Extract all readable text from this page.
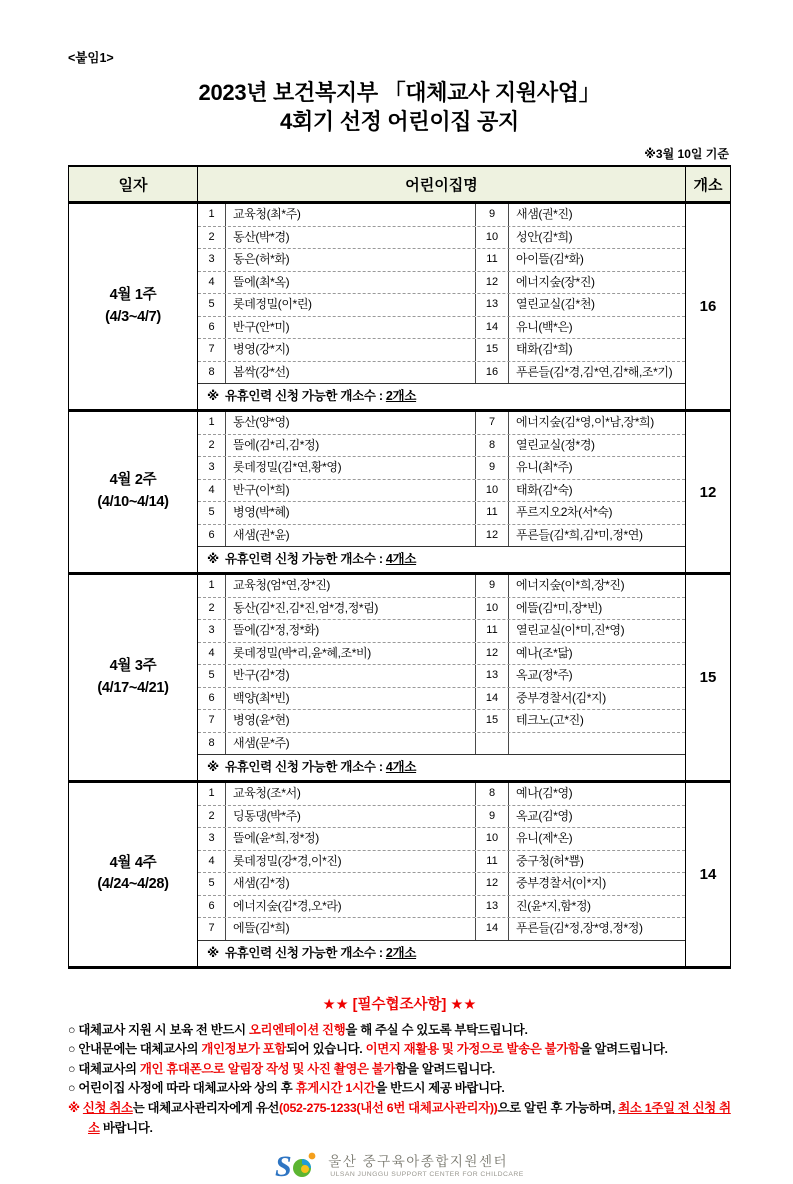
<붙임1>
2023년 보건복지부 「대체교사 지원사업」
4회기 선정 어린이집 공지
※3월 10일 기준
일자	어린이집명	개소
4월 1주
(4/3~4/7)
1	교육청(최*주)	9	새샘(권*진)
2	동산(박*경)	10	성안(김*희)
3	동은(허*화)	11	아이뜰(김*화)
4	뜰에(최*옥)	12	에너지숲(장*진)
5	롯데정밀(이*린)	13	열린교실(김*천)
6	반구(안*미)	14	유니(백*은)
7	병영(강*지)	15	태화(김*희)
8	봄싹(강*선)	16	푸른들(김*경,김*연,김*해,조*기)
※ 유휴인력 신청 가능한 개소수 : 2개소
16
4월 2주
(4/10~4/14)
1	동산(양*영)	7	에너지숲(김*영,이*남,장*희)
2	뜰에(김*리,김*정)	8	열린교실(정*경)
3	롯데정밀(김*연,황*영)	9	유니(최*주)
4	반구(이*희)	10	태화(김*숙)
5	병영(박*혜)	11	푸르지오2차(서*숙)
6	새샘(권*윤)	12	푸른들(김*희,김*미,정*연)
※ 유휴인력 신청 가능한 개소수 : 4개소
12
4월 3주
(4/17~4/21)
1	교육청(엄*연,장*진)	9	에너지숲(이*희,장*진)
2	동산(김*진,김*진,엄*경,정*림)	10	에뜰(김*미,장*빈)
3	뜰에(김*정,정*화)	11	열린교실(이*미,진*영)
4	롯데정밀(박*리,윤*혜,조*비)	12	예나(조*닮)
5	반구(김*경)	13	옥교(정*주)
6	백양(최*빈)	14	중부경찰서(김*지)
7	병영(윤*현)	15	테크노(고*진)
8	새샘(문*주)
※ 유휴인력 신청 가능한 개소수 : 4개소
15
4월 4주
(4/24~4/28)
1	교육청(조*서)	8	예나(김*영)
2	딩동댕(박*주)	9	옥교(김*영)
3	뜰에(윤*희,정*정)	10	유니(제*온)
4	롯데정밀(강*경,이*진)	11	중구청(허*쁨)
5	새샘(김*정)	12	중부경찰서(이*지)
6	에너지숲(김*경,오*라)	13	진(윤*지,함*정)
7	에뜰(김*희)	14	푸른들(김*정,장*영,정*정)
※ 유휴인력 신청 가능한 개소수 : 2개소
14
★★ [필수협조사항] ★★

○ 대체교사 지원 시 보육 전 반드시 오리엔테이션 진행을 해 주실 수 있도록 부탁드립니다.

○ 안내문에는 대체교사의 개인정보가 포함되어 있습니다. 이면지 재활용 및 가정으로 발송은 불가함을 알려드립니다.

○ 대체교사의 개인 휴대폰으로 알림장 작성 및 사진 촬영은 불가함을 알려드립니다.

○ 어린이집 사정에 따라 대체교사와 상의 후 휴게시간 1시간을 반드시 제공 바랍니다.

※ 신청 취소는 대체교사관리자에게 유선(052-275-1233(내선 6번 대체교사관리자))으로 알린 후 가능하며, 최소 1주일 전 신청 취소 바랍니다.

S	울산 중구육아종합지원센터
ULSAN JUNGGU SUPPORT CENTER FOR CHILDCARE
